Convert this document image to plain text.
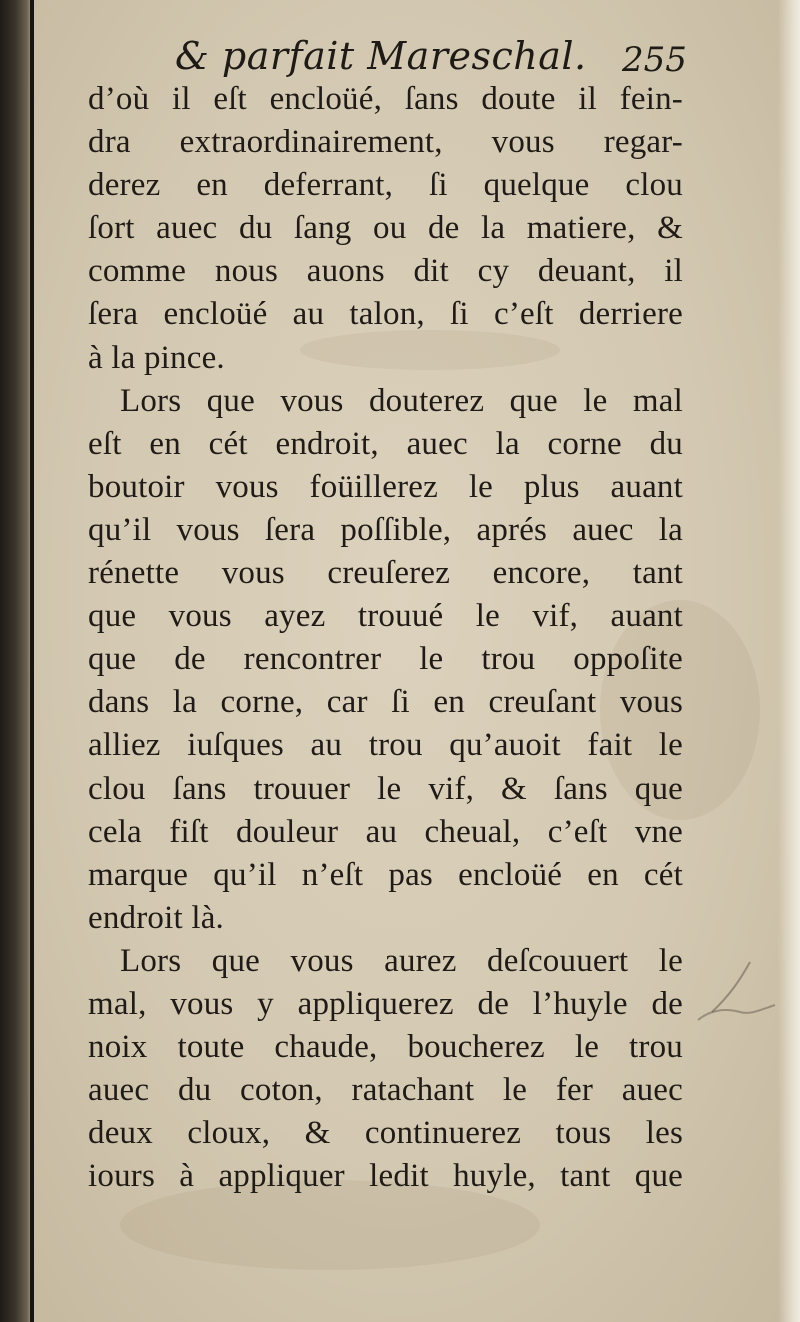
& parfait Mareschal. 255
d’où il eſt encloüé, ſans doute il fein-
dra extraordinairement, vous regar-
derez en deferrant, ſi quelque clou
ſort auec du ſang ou de la matiere, &
comme nous auons dit cy deuant, il
ſera encloüé au talon, ſi c’eſt derriere
à la pince.
Lors que vous douterez que le mal
eſt en cét endroit, auec la corne du
boutoir vous foüillerez le plus auant
qu’il vous ſera poſſible, aprés auec la
rénette vous creuſerez encore, tant
que vous ayez trouué le vif, auant
que de rencontrer le trou oppoſite
dans la corne, car ſi en creuſant vous
alliez iuſques au trou qu’auoit fait le
clou ſans trouuer le vif, & ſans que
cela fiſt douleur au cheual, c’eſt vne
marque qu’il n’eſt pas encloüé en cét
endroit là.
Lors que vous aurez deſcouuert le
mal, vous y appliquerez de l’huyle de
noix toute chaude, boucherez le trou
auec du coton, ratachant le fer auec
deux cloux, & continuerez tous les
iours à appliquer ledit huyle, tant que
